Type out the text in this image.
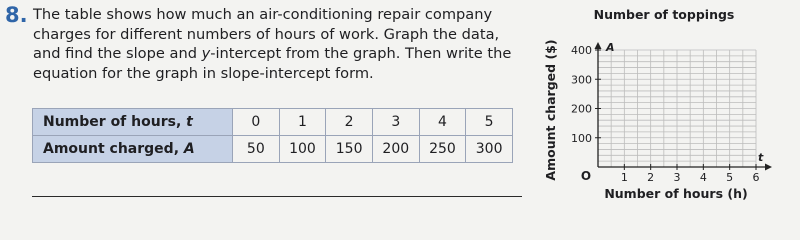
8. The table shows how much an air-conditioning repair company
charges for different numbers of hours of work. Graph the data,
and find the slope and y-intercept from the graph. Then write the
equation for the graph in slope-intercept form.
Number of hours, t	0	1	2	3	4	5
Amount charged, A	50	100	150	200	250	300
1 2 3 4 5 6
100
200
300
400
Number of toppings
Number of hours (h)
Amount charged ($) O
A
t
